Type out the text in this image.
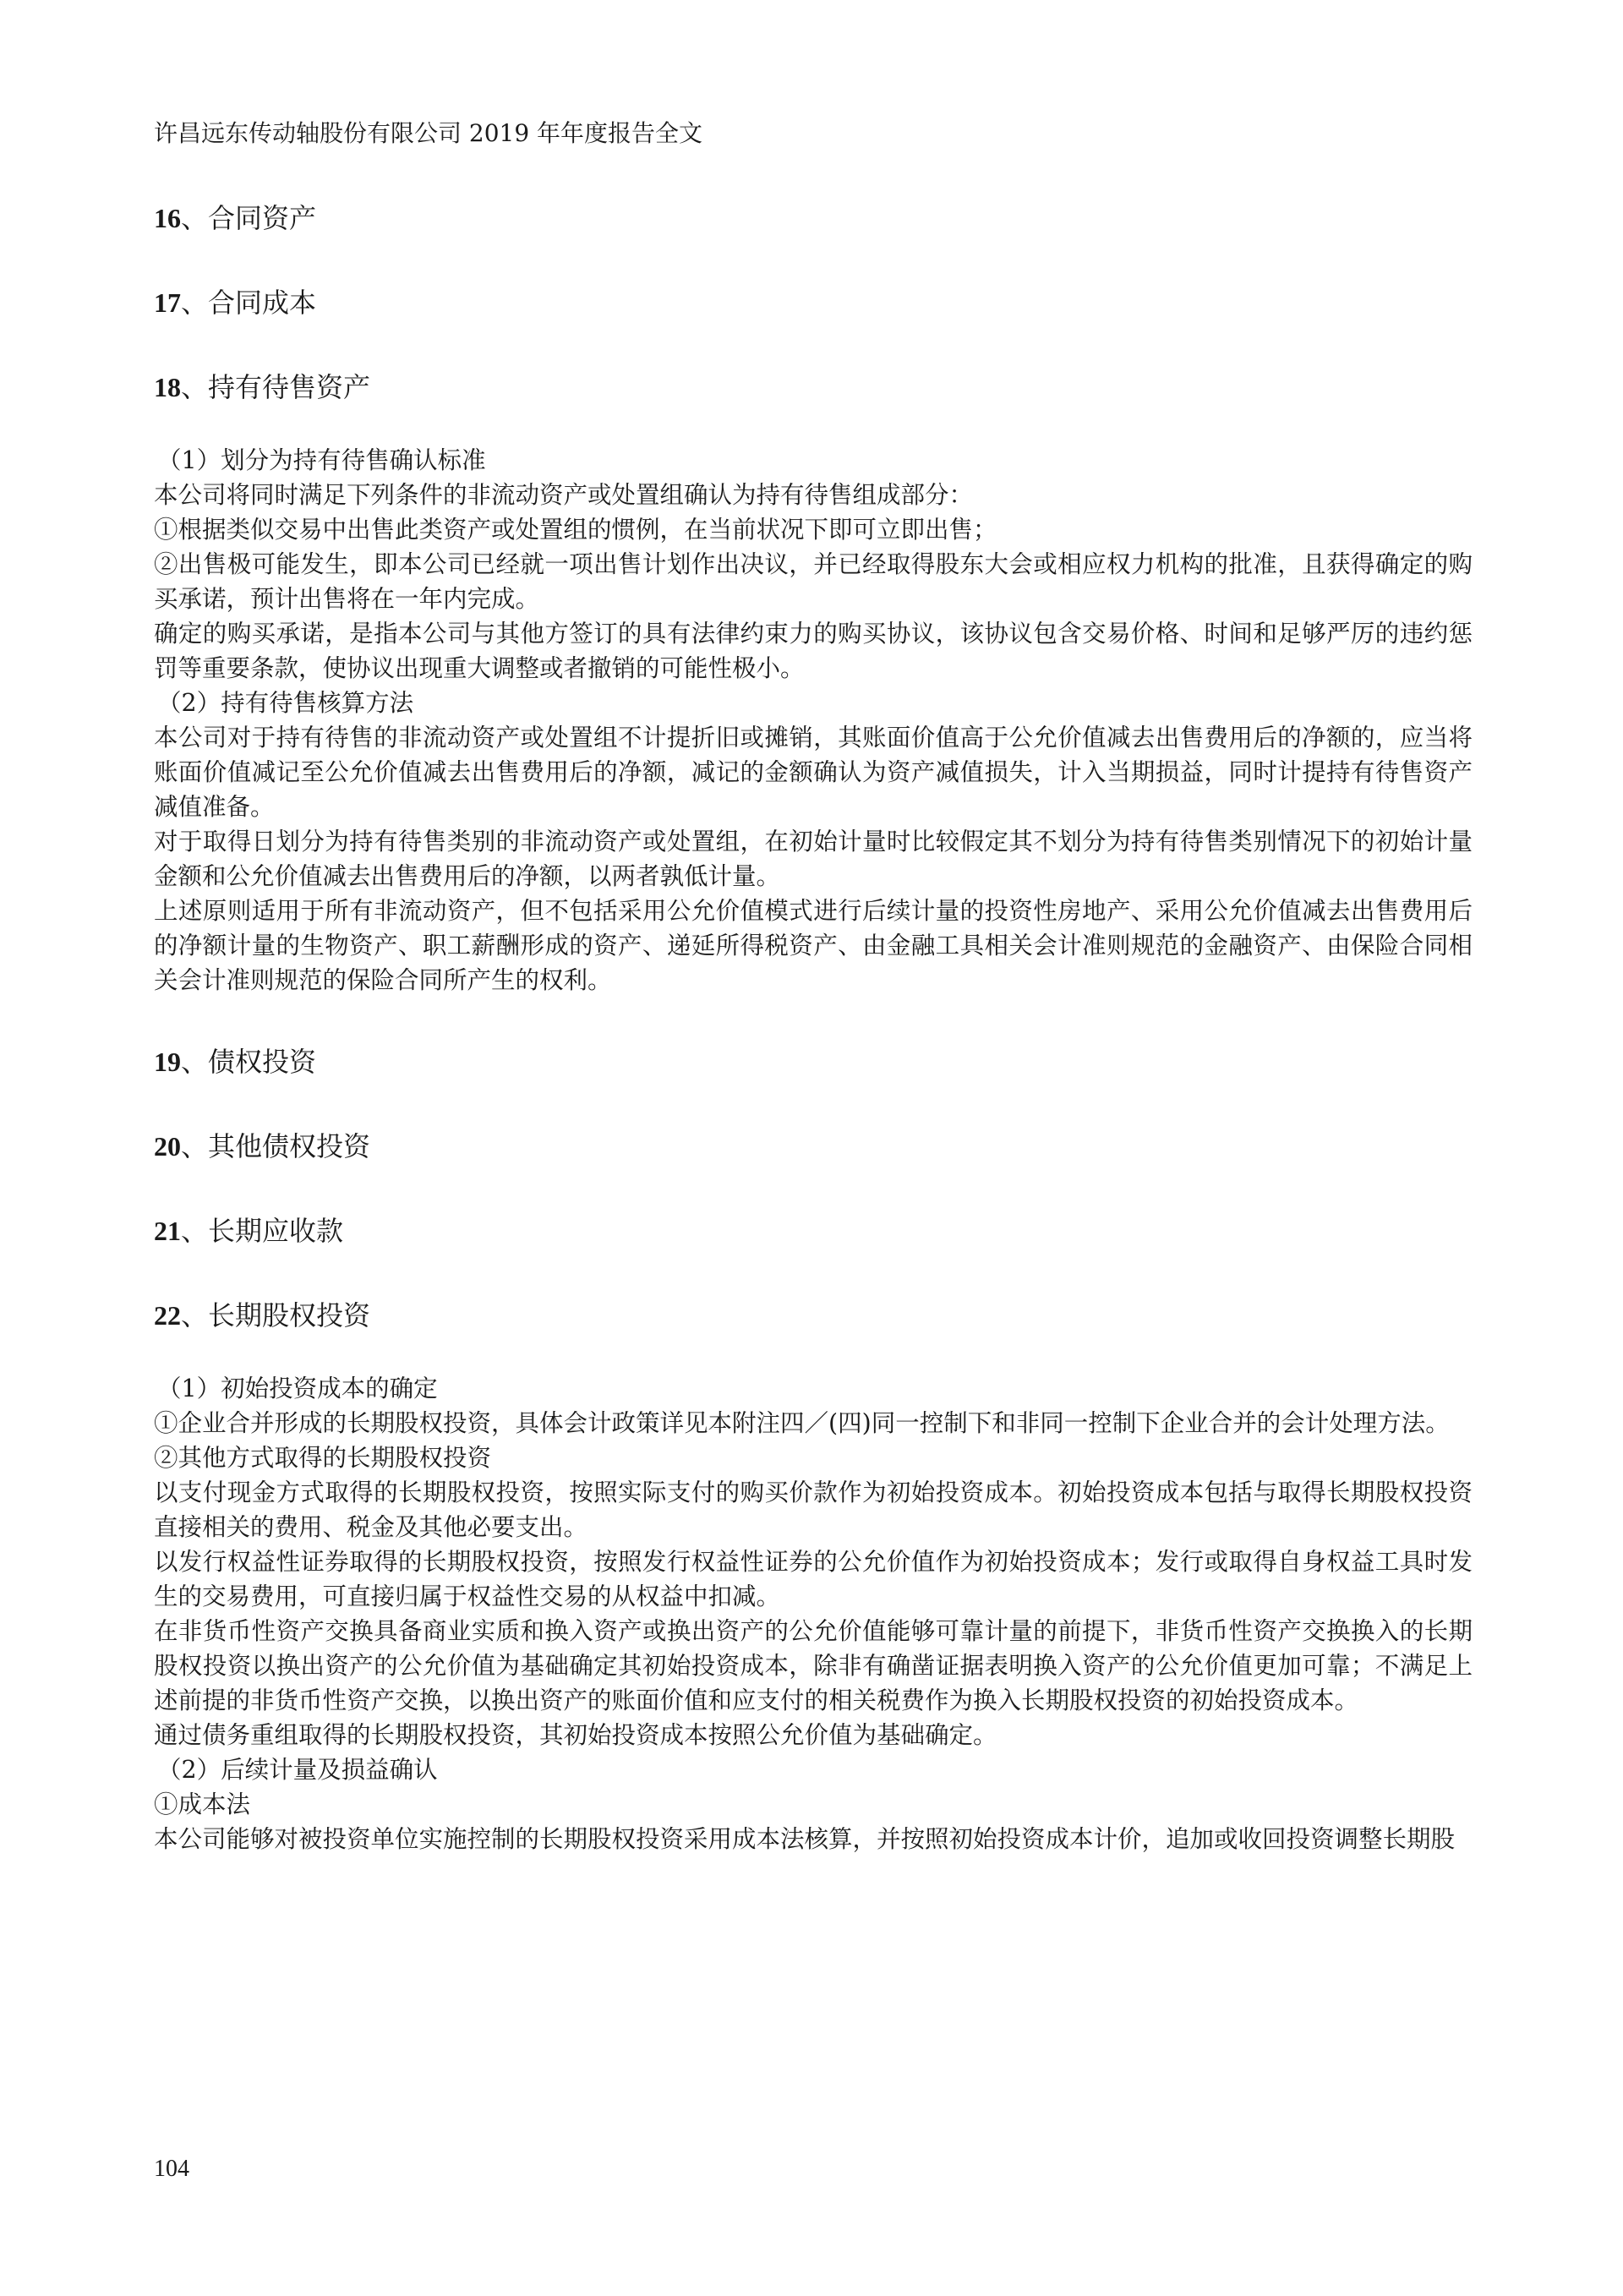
许昌远东传动轴股份有限公司 2019 年年度报告全文
16、合同资产
17、合同成本
18、持有待售资产

（1）划分为持有待售确认标准

本公司将同时满足下列条件的非流动资产或处置组确认为持有待售组成部分：

①根据类似交易中出售此类资产或处置组的惯例，在当前状况下即可立即出售；

②出售极可能发生，即本公司已经就一项出售计划作出决议，并已经取得股东大会或相应权力机构的批准，且获得确定的购买承诺，预计出售将在一年内完成。

确定的购买承诺，是指本公司与其他方签订的具有法律约束力的购买协议，该协议包含交易价格、时间和足够严厉的违约惩罚等重要条款，使协议出现重大调整或者撤销的可能性极小。

（2）持有待售核算方法

本公司对于持有待售的非流动资产或处置组不计提折旧或摊销，其账面价值高于公允价值减去出售费用后的净额的，应当将账面价值减记至公允价值减去出售费用后的净额，减记的金额确认为资产减值损失，计入当期损益，同时计提持有待售资产减值准备。

对于取得日划分为持有待售类别的非流动资产或处置组，在初始计量时比较假定其不划分为持有待售类别情况下的初始计量金额和公允价值减去出售费用后的净额，以两者孰低计量。

上述原则适用于所有非流动资产，但不包括采用公允价值模式进行后续计量的投资性房地产、采用公允价值减去出售费用后的净额计量的生物资产、职工薪酬形成的资产、递延所得税资产、由金融工具相关会计准则规范的金融资产、由保险合同相关会计准则规范的保险合同所产生的权利。

19、债权投资
20、其他债权投资
21、长期应收款
22、长期股权投资

（1）初始投资成本的确定

①企业合并形成的长期股权投资，具体会计政策详见本附注四／(四)同一控制下和非同一控制下企业合并的会计处理方法。

②其他方式取得的长期股权投资

以支付现金方式取得的长期股权投资，按照实际支付的购买价款作为初始投资成本。初始投资成本包括与取得长期股权投资直接相关的费用、税金及其他必要支出。

以发行权益性证券取得的长期股权投资，按照发行权益性证券的公允价值作为初始投资成本；发行或取得自身权益工具时发生的交易费用，可直接归属于权益性交易的从权益中扣减。

在非货币性资产交换具备商业实质和换入资产或换出资产的公允价值能够可靠计量的前提下，非货币性资产交换换入的长期股权投资以换出资产的公允价值为基础确定其初始投资成本，除非有确凿证据表明换入资产的公允价值更加可靠；不满足上述前提的非货币性资产交换，以换出资产的账面价值和应支付的相关税费作为换入长期股权投资的初始投资成本。

通过债务重组取得的长期股权投资，其初始投资成本按照公允价值为基础确定。

（2）后续计量及损益确认

①成本法

本公司能够对被投资单位实施控制的长期股权投资采用成本法核算，并按照初始投资成本计价，追加或收回投资调整长期股

104
